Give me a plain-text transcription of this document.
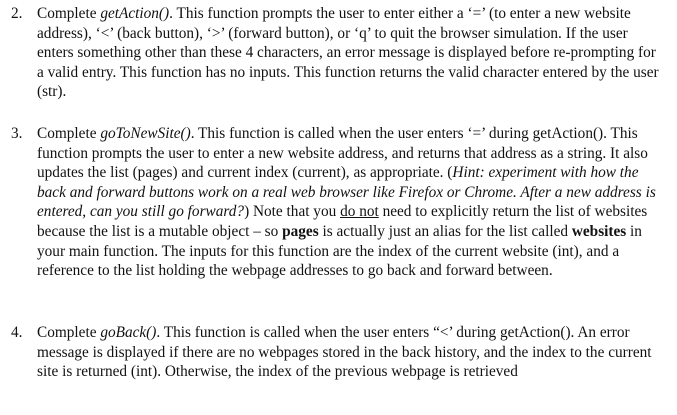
2. Complete getAction(). This function prompts the user to enter either a ‘=’ (to enter a new website address), ‘<’ (back button), ‘>’ (forward button), or ‘q’ to quit the browser simulation. If the user enters something other than these 4 characters, an error message is displayed before re-prompting for a valid entry. This function has no inputs. This function returns the valid character entered by the user (str).
3. Complete goToNewSite(). This function is called when the user enters ‘=’ during getAction(). This function prompts the user to enter a new website address, and returns that address as a string. It also updates the list (pages) and current index (current), as appropriate. (Hint: experiment with how the back and forward buttons work on a real web browser like Firefox or Chrome. After a new address is entered, can you still go forward?) Note that you do not need to explicitly return the list of websites because the list is a mutable object – so pages is actually just an alias for the list called websites in your main function. The inputs for this function are the index of the current website (int), and a reference to the list holding the webpage addresses to go back and forward between.
4. Complete goBack(). This function is called when the user enters “<’ during getAction(). An error message is displayed if there are no webpages stored in the back history, and the index to the current site is returned (int). Otherwise, the index of the previous webpage is retrieved
